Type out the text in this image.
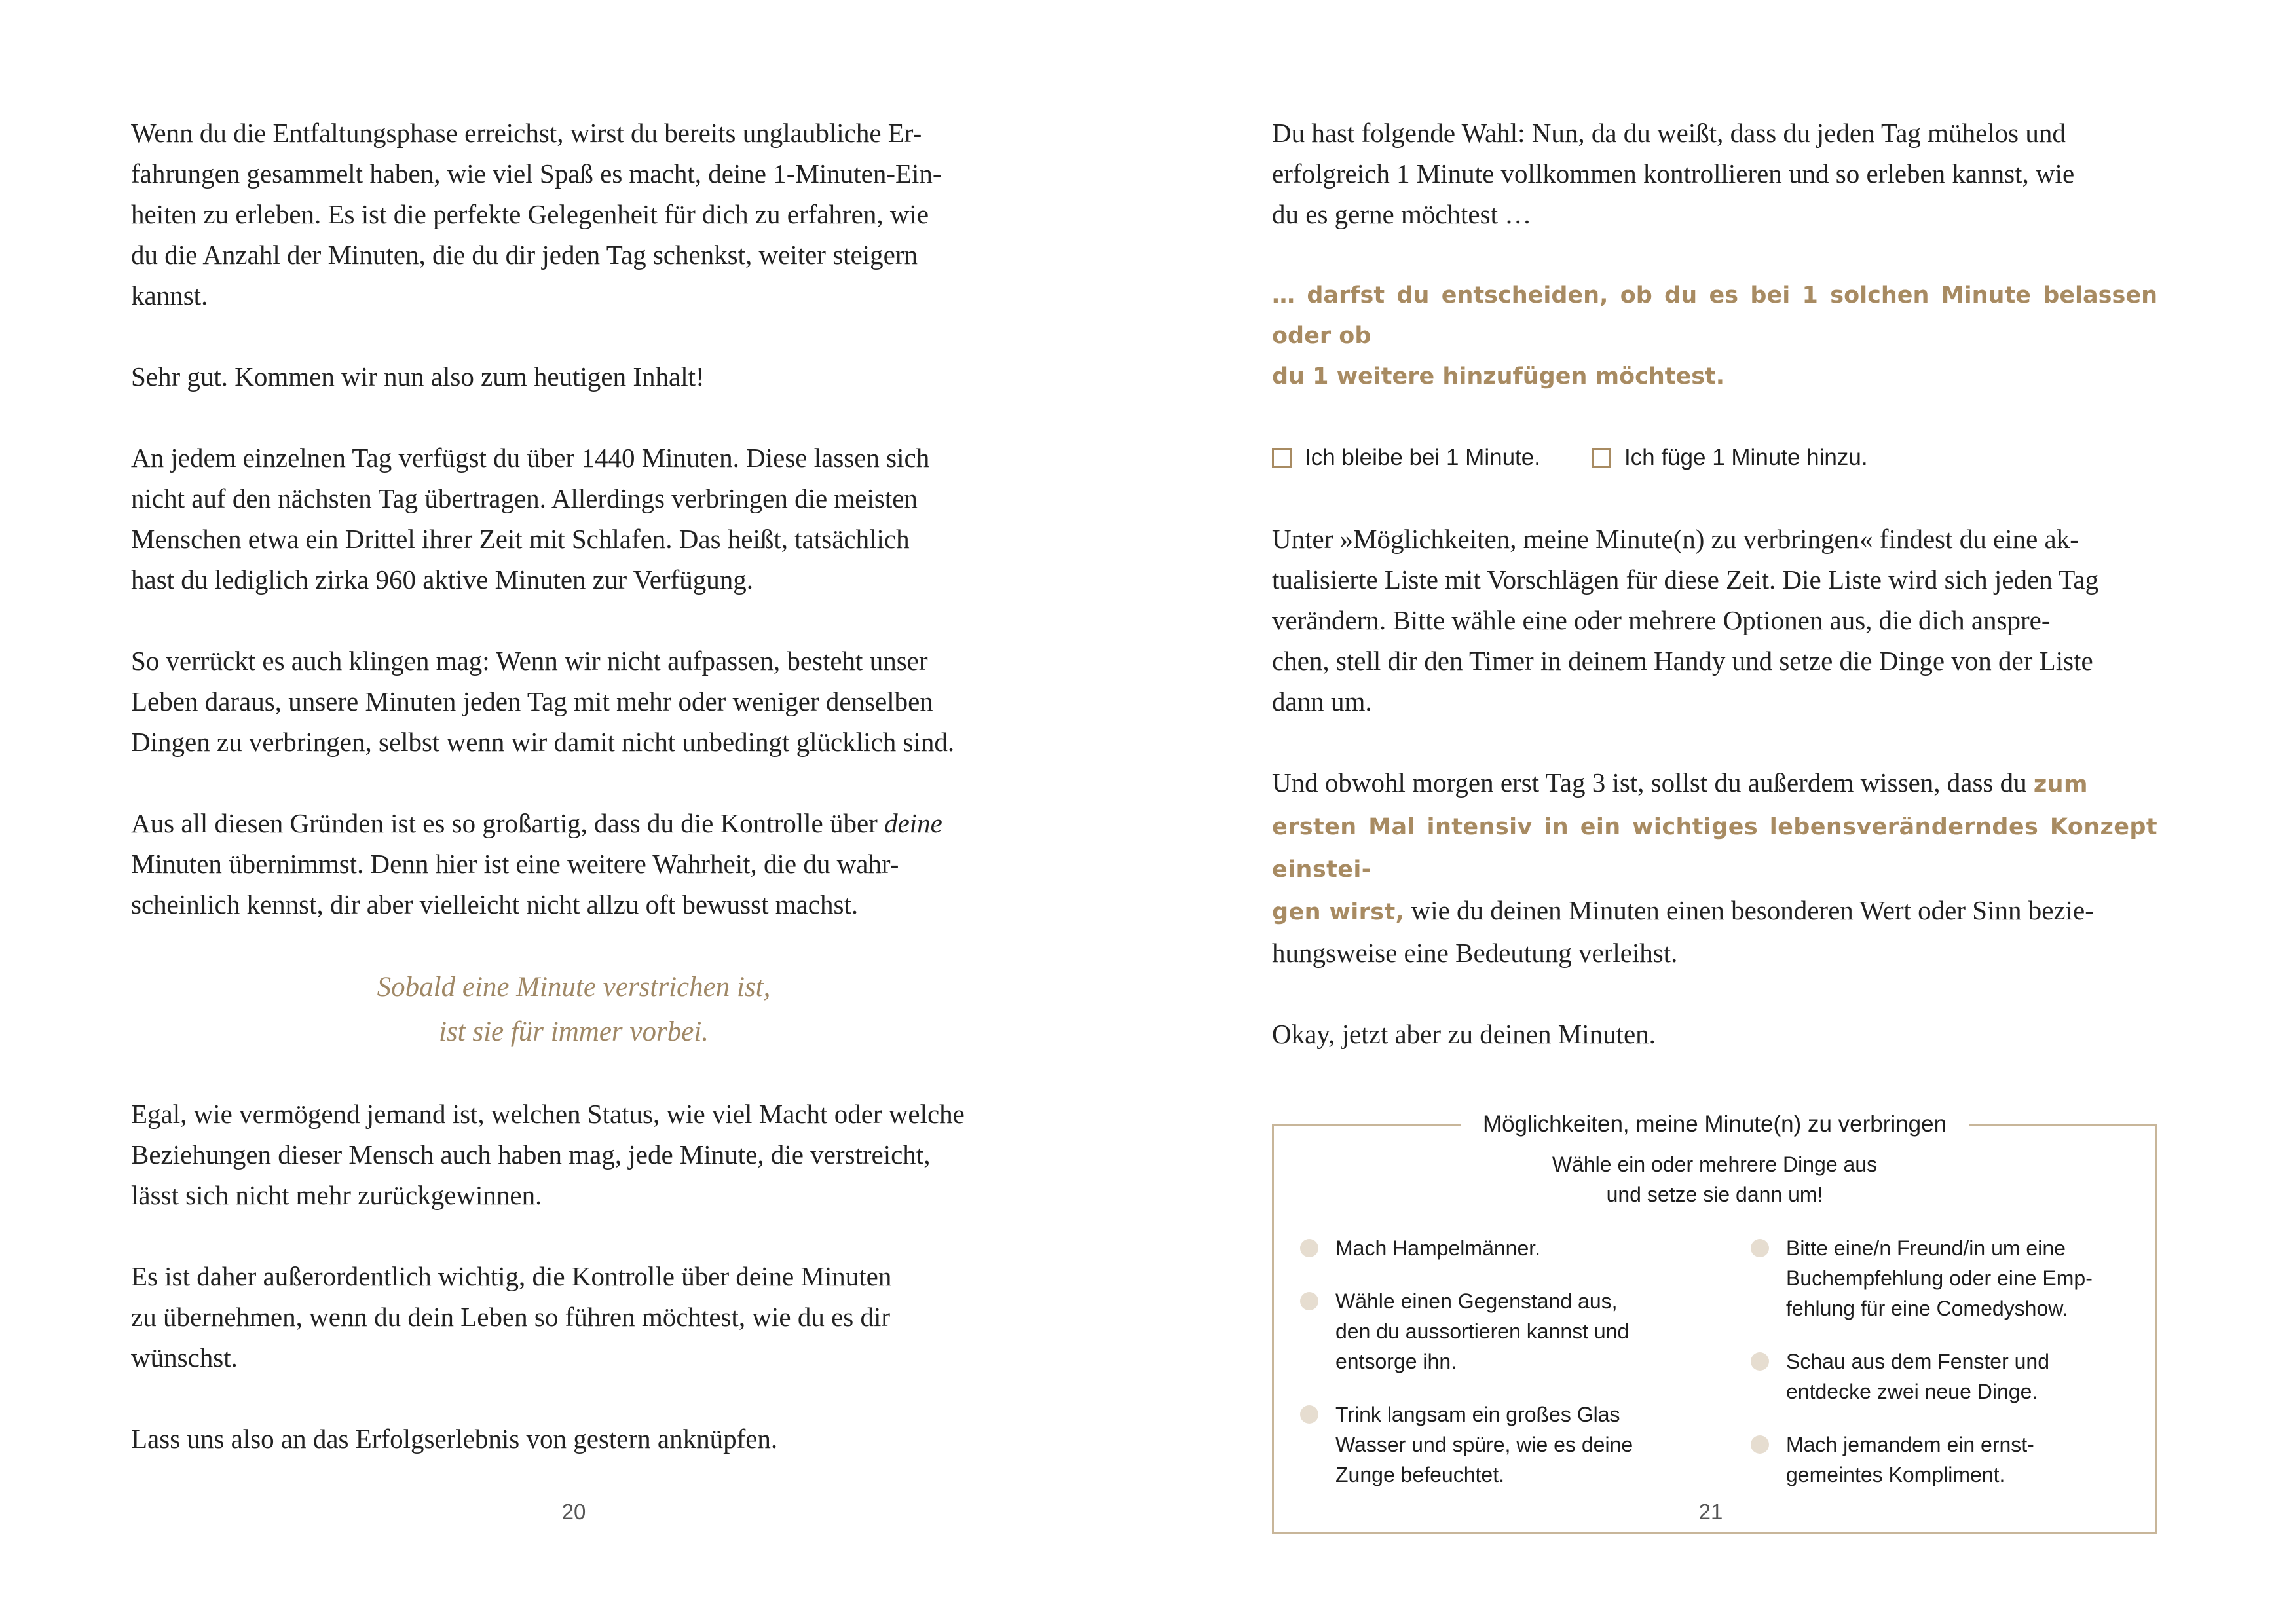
Wenn du die Entfaltungsphase erreichst, wirst du bereits unglaubliche Er-
fahrungen gesammelt haben, wie viel Spaß es macht, deine 1-Minuten-Ein-
heiten zu erleben. Es ist die perfekte Gelegenheit für dich zu erfahren, wie
du die Anzahl der Minuten, die du dir jeden Tag schenkst, weiter steigern
kannst.

Sehr gut. Kommen wir nun also zum heutigen Inhalt!

An jedem einzelnen Tag verfügst du über 1440 Minuten. Diese lassen sich
nicht auf den nächsten Tag übertragen. Allerdings verbringen die meisten
Menschen etwa ein Drittel ihrer Zeit mit Schlafen. Das heißt, tatsächlich
hast du lediglich zirka 960 aktive Minuten zur Verfügung.

So verrückt es auch klingen mag: Wenn wir nicht aufpassen, besteht unser
Leben daraus, unsere Minuten jeden Tag mit mehr oder weniger denselben
Dingen zu verbringen, selbst wenn wir damit nicht unbedingt glücklich sind.

Aus all diesen Gründen ist es so großartig, dass du die Kontrolle über deine
Minuten übernimmst. Denn hier ist eine weitere Wahrheit, die du wahr-
scheinlich kennst, dir aber vielleicht nicht allzu oft bewusst machst.

Sobald eine Minute verstrichen ist,
ist sie für immer vorbei.

Egal, wie vermögend jemand ist, welchen Status, wie viel Macht oder welche
Beziehungen dieser Mensch auch haben mag, jede Minute, die verstreicht,
lässt sich nicht mehr zurückgewinnen.

Es ist daher außerordentlich wichtig, die Kontrolle über deine Minuten
zu übernehmen, wenn du dein Leben so führen möchtest, wie du es dir
wünschst.

Lass uns also an das Erfolgserlebnis von gestern anknüpfen.

20

Du hast folgende Wahl: Nun, da du weißt, dass du jeden Tag mühelos und
erfolgreich 1 Minute vollkommen kontrollieren und so erleben kannst, wie
du es gerne möchtest …

… darfst du entscheiden, ob du es bei 1 solchen Minute belassen oder ob
du 1 weitere hinzufügen möchtest.

Ich bleibe bei 1 Minute.	Ich füge 1 Minute hinzu.

Unter »Möglichkeiten, meine Minute(n) zu verbringen« findest du eine ak-
tualisierte Liste mit Vorschlägen für diese Zeit. Die Liste wird sich jeden Tag
verändern. Bitte wähle eine oder mehrere Optionen aus, die dich anspre-
chen, stell dir den Timer in deinem Handy und setze die Dinge von der Liste
dann um.

Und obwohl morgen erst Tag 3 ist, sollst du außerdem wissen, dass du zum
ersten Mal intensiv in ein wichtiges lebensveränderndes Konzept einstei-
gen wirst, wie du deinen Minuten einen besonderen Wert oder Sinn bezie-
hungsweise eine Bedeutung verleihst.

Okay, jetzt aber zu deinen Minuten.

Möglichkeiten, meine Minute(n) zu verbringen
Wähle ein oder mehrere Dinge aus
und setze sie dann um!
Mach Hampelmänner.
Wähle einen Gegenstand aus,
den du aussortieren kannst und
entsorge ihn.
Trink langsam ein großes Glas
Wasser und spüre, wie es deine
Zunge befeuchtet.
Bitte eine/n Freund/in um eine
Buchempfehlung oder eine Emp-
fehlung für eine Comedyshow.
Schau aus dem Fenster und
entdecke zwei neue Dinge.
Mach jemandem ein ernst-
gemeintes Kompliment.
21
